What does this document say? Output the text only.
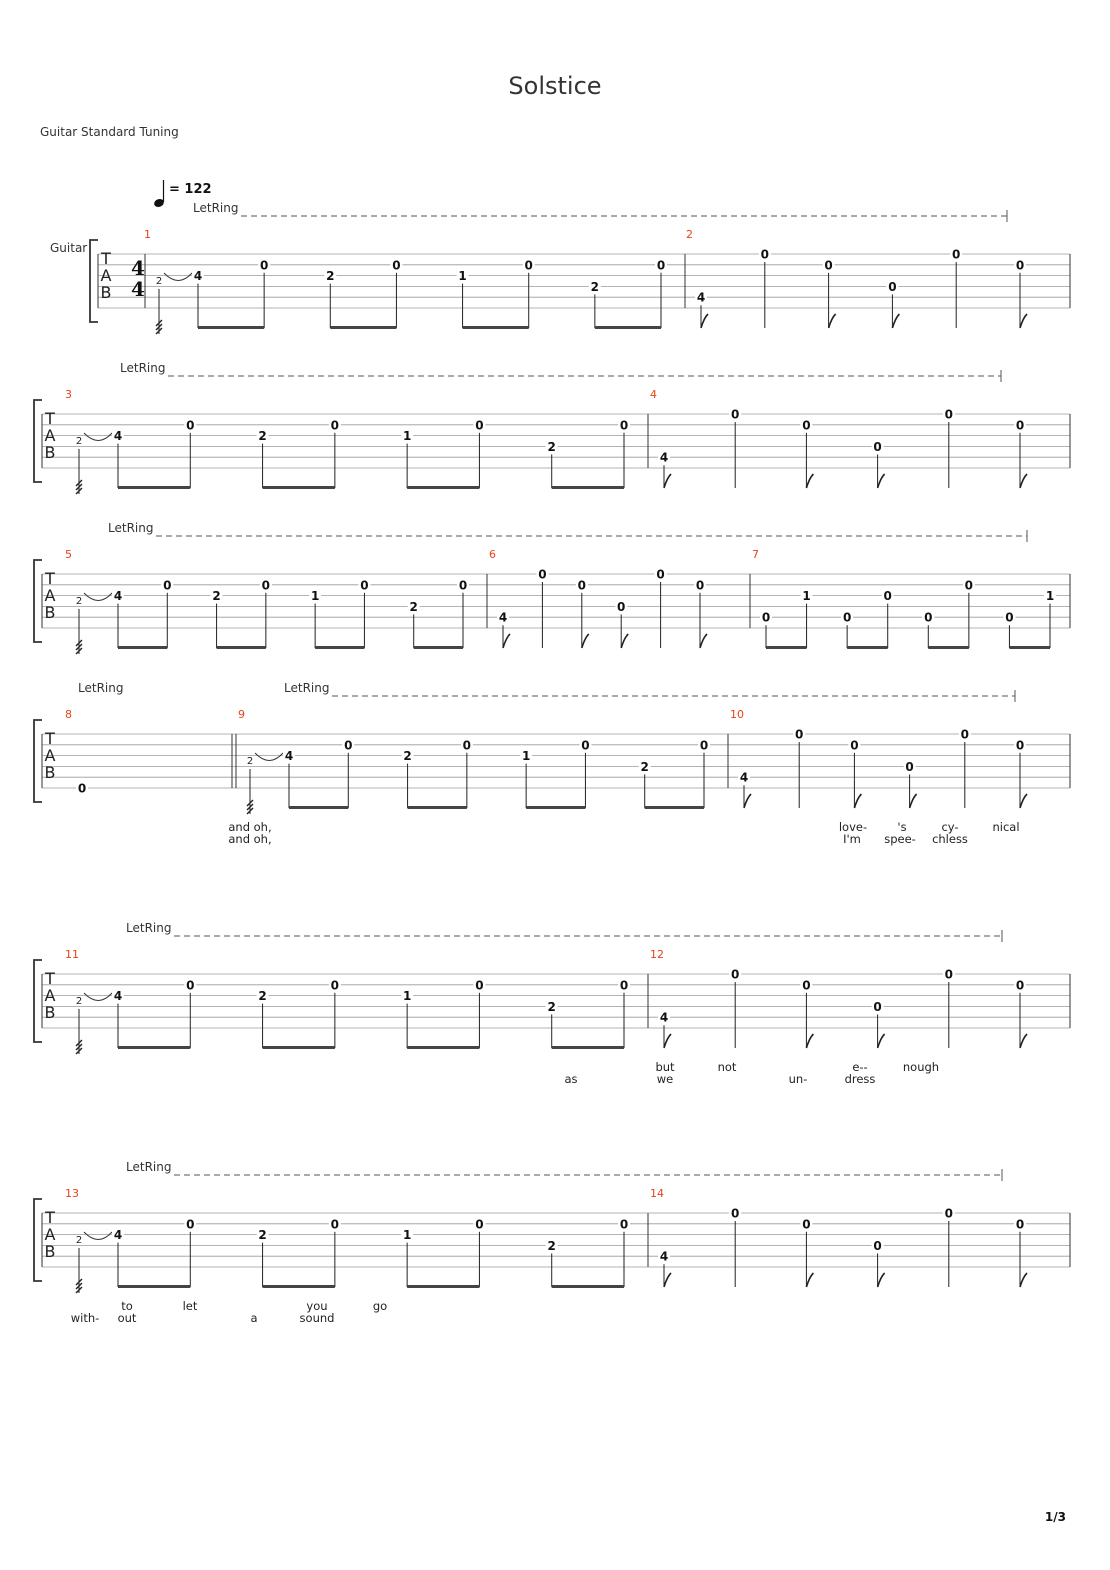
Solstice
Guitar Standard Tuning
T
A
B
Guitar
4
4
= 122
LetRing
1
2	4
0
2
0
1
0
2
0
2
4
0
0
0
0
0
T
A
B
LetRing
3
2	4
0
2
0
1
0
2
0
4
4
0
0
0
0
0
T
A
B
LetRing
5
2	4
0
2
0
1
0
2
0
6
4
0
0
0
0
0
7
0
1
0
0
0
0
0
1
T
A
B
LetRing	LetRing
8
0
9
2	4
0
2
0
1
0
2
0
10
4
0
0
0
0
0
T
A
B
LetRing
11
2	4
0
2
0
1
0
2
0
12
4
0
0
0
0
0
T
A
B
LetRing
13
2	4
0
2
0
1
0
2
0
14
4
0
0
0
0
0
and oh,	love-	's	cy-	nical
and oh,	I'm spee- chless
but	not	e--	nough
as	we	un-	dress
to	let	you	go
with- out	a	sound
1/3
